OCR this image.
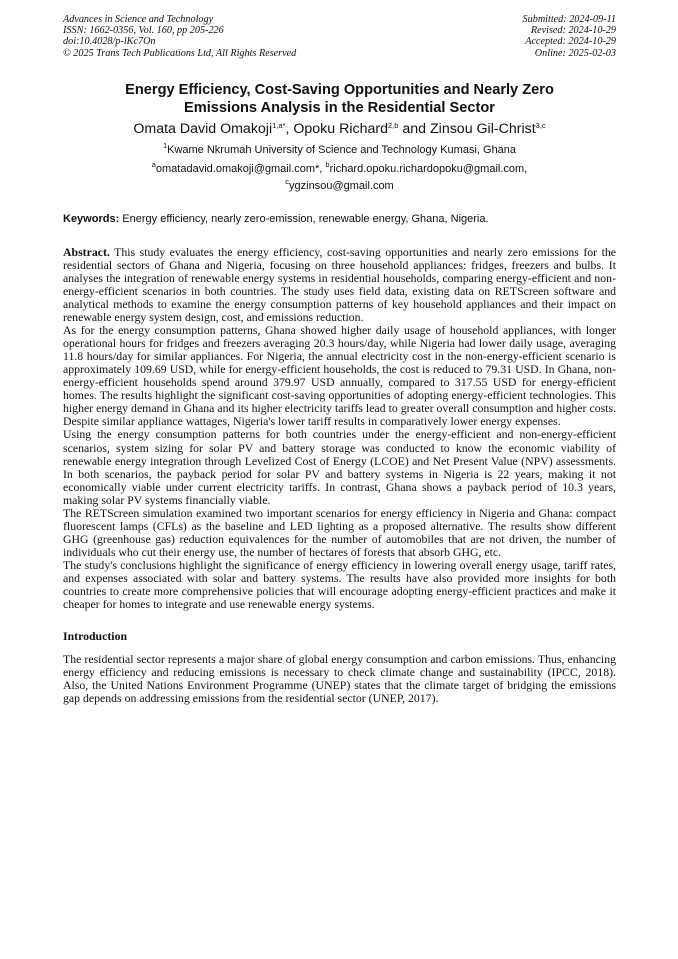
Advances in Science and Technology
ISSN: 1662-0356, Vol. 160, pp 205-226
doi:10.4028/p-lKc7On
© 2025 Trans Tech Publications Ltd, All Rights Reserved
Submitted: 2024-09-11
Revised: 2024-10-29
Accepted: 2024-10-29
Online: 2025-02-03
Energy Efficiency, Cost-Saving Opportunities and Nearly Zero
Emissions Analysis in the Residential Sector
Omata David Omakoji$^{1,a*}$, Opoku Richard$^{2,b}$ and Zinsou Gil-Christ$^{3,c}$
$^1$Kwame Nkrumah University of Science and Technology Kumasi, Ghana
$^a$omatadavid.omakoji@gmail.com*, $^b$richard.opoku.richardopoku@gmail.com,
$^c$ygzinsou@gmail.com
Keywords: Energy efficiency, nearly zero-emission, renewable energy, Ghana, Nigeria.

Abstract. This study evaluates the energy efficiency, cost-saving opportunities and nearly zero emissions for the residential sectors of Ghana and Nigeria, focusing on three household appliances: fridges, freezers and bulbs. It analyses the integration of renewable energy systems in residential households, comparing energy-efficient and non-energy-efficient scenarios in both countries. The study uses field data, existing data on RETScreen software and analytical methods to examine the energy consumption patterns of key household appliances and their impact on renewable energy system design, cost, and emissions reduction.

As for the energy consumption patterns, Ghana showed higher daily usage of household appliances, with longer operational hours for fridges and freezers averaging 20.3 hours/day, while Nigeria had lower daily usage, averaging 11.8 hours/day for similar appliances. For Nigeria, the annual electricity cost in the non-energy-efficient scenario is approximately 109.69 USD, while for energy-efficient households, the cost is reduced to 79.31 USD. In Ghana, non-energy-efficient households spend around 379.97 USD annually, compared to 317.55 USD for energy-efficient homes. The results highlight the significant cost-saving opportunities of adopting energy-efficient technologies. This higher energy demand in Ghana and its higher electricity tariffs lead to greater overall consumption and higher costs. Despite similar appliance wattages, Nigeria's lower tariff results in comparatively lower energy expenses.

Using the energy consumption patterns for both countries under the energy-efficient and non-energy-efficient scenarios, system sizing for solar PV and battery storage was conducted to know the economic viability of renewable energy integration through Levelized Cost of Energy (LCOE) and Net Present Value (NPV) assessments. In both scenarios, the payback period for solar PV and battery systems in Nigeria is 22 years, making it not economically viable under current electricity tariffs. In contrast, Ghana shows a payback period of 10.3 years, making solar PV systems financially viable.

The RETScreen simulation examined two important scenarios for energy efficiency in Nigeria and Ghana: compact fluorescent lamps (CFLs) as the baseline and LED lighting as a proposed alternative. The results show different GHG (greenhouse gas) reduction equivalences for the number of automobiles that are not driven, the number of individuals who cut their energy use, the number of hectares of forests that absorb GHG, etc.

The study's conclusions highlight the significance of energy efficiency in lowering overall energy usage, tariff rates, and expenses associated with solar and battery systems. The results have also provided more insights for both countries to create more comprehensive policies that will encourage adopting energy-efficient practices and make it cheaper for homes to integrate and use renewable energy systems.

Introduction

The residential sector represents a major share of global energy consumption and carbon emissions. Thus, enhancing energy efficiency and reducing emissions is necessary to check climate change and sustainability (IPCC, 2018). Also, the United Nations Environment Programme (UNEP) states that the climate target of bridging the emissions gap depends on addressing emissions from the residential sector (UNEP, 2017).
